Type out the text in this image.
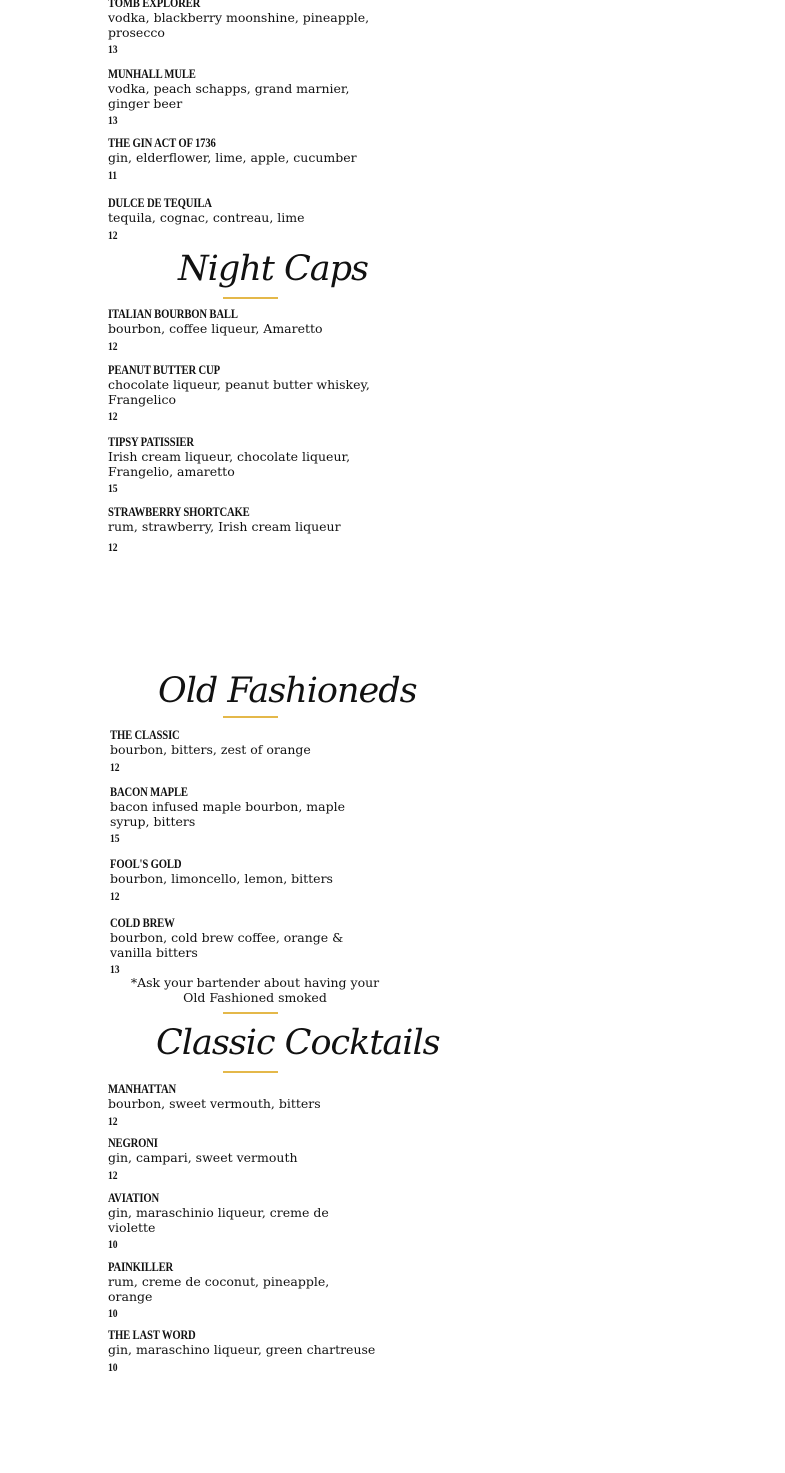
TOMB EXPLORER
vodka, blackberry moonshine, pineapple, prosecco
13
MUNHALL MULE
vodka, peach schapps, grand marnier, ginger beer
13
THE GIN ACT OF 1736
gin, elderflower, lime, apple, cucumber
11
DULCE DE TEQUILA
tequila, cognac, contreau, lime
12
Night Caps
ITALIAN BOURBON BALL
bourbon, coffee liqueur, Amaretto
12
PEANUT BUTTER CUP
chocolate liqueur, peanut butter whiskey, Frangelico
12
TIPSY PATISSIER
Irish cream liqueur, chocolate liqueur, Frangelio, amaretto
15
STRAWBERRY SHORTCAKE
rum, strawberry, Irish cream liqueur
12
Old Fashioneds
THE CLASSIC
bourbon, bitters, zest of orange
12
BACON MAPLE
bacon infused maple bourbon, maple syrup, bitters
15
FOOL'S GOLD
bourbon, limoncello, lemon, bitters
12
COLD BREW
bourbon, cold brew coffee, orange & vanilla bitters
13
*Ask your bartender about having your Old Fashioned smoked
Classic Cocktails
MANHATTAN
bourbon, sweet vermouth, bitters
12
NEGRONI
gin, campari, sweet vermouth
12
AVIATION
gin, maraschinio liqueur, creme de violette
10
PAINKILLER
rum, creme de coconut, pineapple, orange
10
THE LAST WORD
gin, maraschino liqueur, green chartreuse
10
